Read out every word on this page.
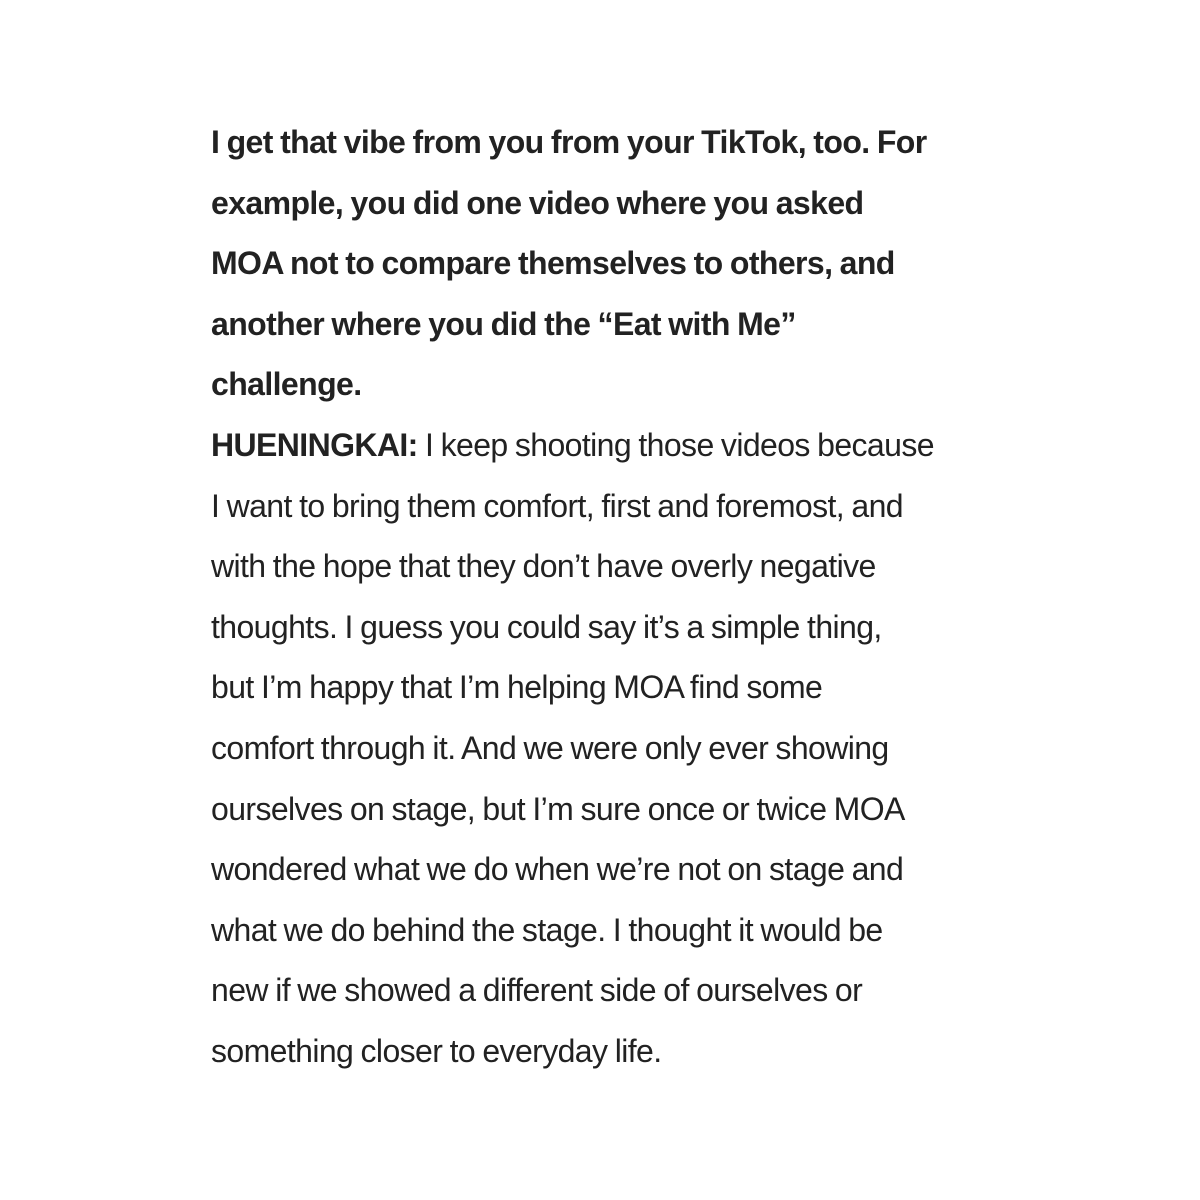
I get that vibe from you from your TikTok, too. For
example, you did one video where you asked
MOA not to compare themselves to others, and
another where you did the “Eat with Me”
challenge.
HUENINGKAI: I keep shooting those videos because
I want to bring them comfort, first and foremost, and
with the hope that they don’t have overly negative
thoughts. I guess you could say it’s a simple thing,
but I’m happy that I’m helping MOA find some
comfort through it. And we were only ever showing
ourselves on stage, but I’m sure once or twice MOA
wondered what we do when we’re not on stage and
what we do behind the stage. I thought it would be
new if we showed a different side of ourselves or
something closer to everyday life.
